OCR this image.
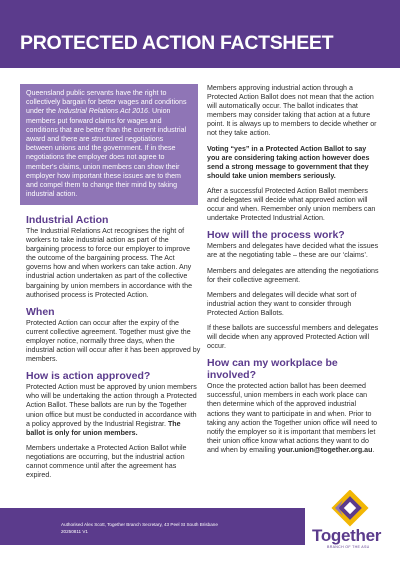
PROTECTED ACTION FACTSHEET
Queensland public servants have the right to collectively bargain for better wages and conditions under the Industrial Relations Act 2016. Union members put forward claims for wages and conditions that are better than the current industrial award and there are structured negotiations between unions and the government. If in these negotiations the employer does not agree to member's claims, union members can show their employer how important these issues are to them and compel them to change their mind by taking industrial action.
Industrial Action

The Industrial Relations Act recognises the right of workers to take industrial action as part of the bargaining process to force our employer to improve the outcome of the bargaining process. The Act governs how and when workers can take action. Any industrial action undertaken as part of the collective bargaining by union members in accordance with the authorised process is Protected Action.

When

Protected Action can occur after the expiry of the current collective agreement. Together must give the employer notice, normally three days, when the industrial action will occur after it has been approved by members.

How is action approved?

Protected Action must be approved by union members who will be undertaking the action through a Protected Action Ballot. These ballots are run by the Together union office but must be conducted in accordance with a policy approved by the Industrial Registrar. The ballot is only for union members.

Members undertake a Protected Action Ballot while negotiations are occurring, but the industrial action cannot commence until after the agreement has expired.

Members approving industrial action through a Protected Action Ballot does not mean that the action will automatically occur. The ballot indicates that members may consider taking that action at a future point. It is always up to members to decide whether or not they take action.

Voting “yes” in a Protected Action Ballot to say you are considering taking action however does send a strong message to government that they should take union members seriously.

After a successful Protected Action Ballot members and delegates will decide what approved action will occur and when. Remember only union members can undertake Protected Industrial Action.

How will the process work?

Members and delegates have decided what the issues are at the negotiating table – these are our ‘claims’.

Members and delegates are attending the negotiations for their collective agreement.

Members and delegates will decide what sort of industrial action they want to consider through Protected Action Ballots.

If these ballots are successful members and delegates will decide when any approved Protected Action will occur.

How can my workplace be involved?

Once the protected action ballot has been deemed successful, union members in each work place can then determine which of the approved industrial actions they want to participate in and when. Prior to taking any action the Together union office will need to notify the employer so it is important that members let their union office know what actions they want to do and when by emailing your.union@together.org.au.

Authorised Alex Scott, Together Branch Secretary, 43 Peel St South Brisbane
20250811 V1	Together
BRANCH OF THE ASU
